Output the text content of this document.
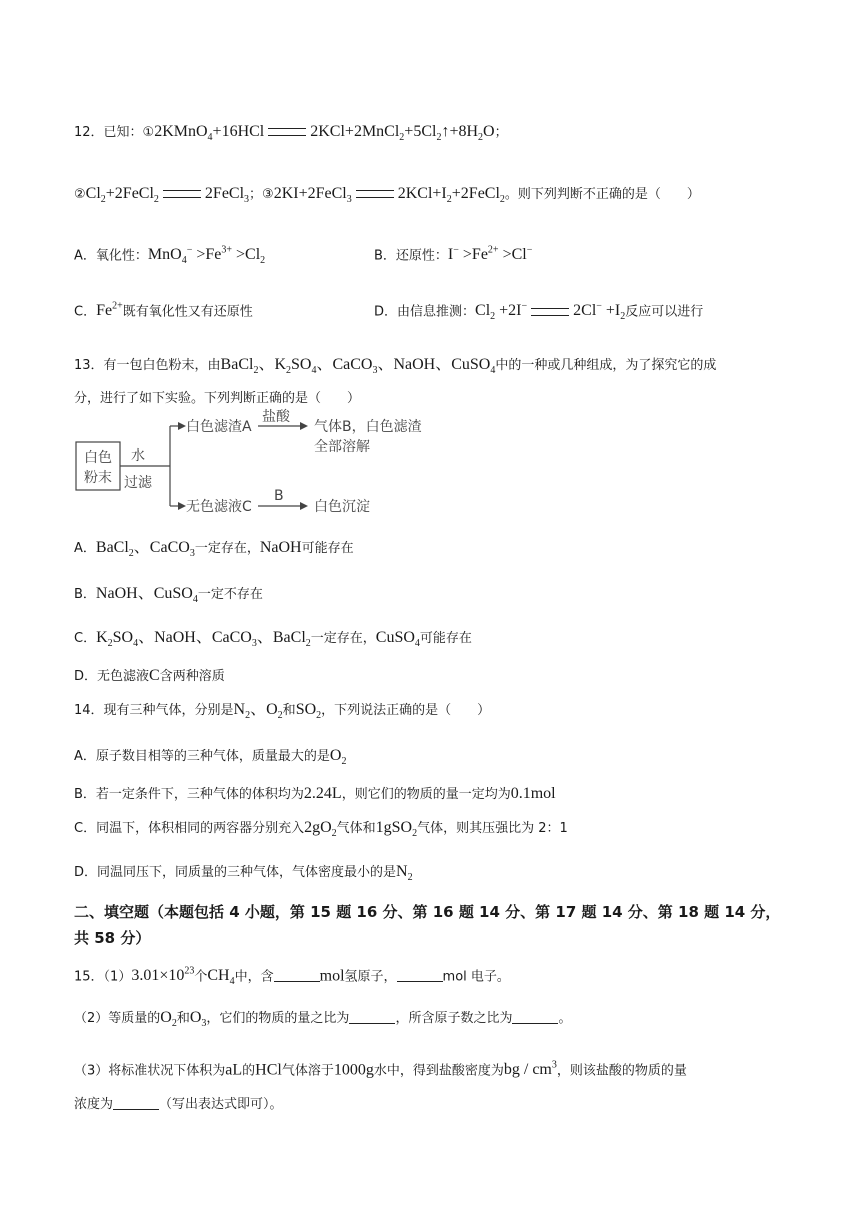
12．已知：①2KMnO$_4$+16HCl	$2KCl+2MnCl_2+5Cl_2↑+8H_2O$；
$②Cl_2+2FeCl_2$	2FeCl$_3$；③2KI+2FeCl$_3$	$2KCl+I_2+2FeCl_2$。则下列判断不正确的是（　　）
A．氧化性：$MnO_4^- >Fe^{3+} >Cl_2$	B．还原性：$I^- >Fe^{2+} >Cl^-$
C．$Fe^{2+}$既有氧化性又有还原性	D．由信息推测：$Cl_2 +2I^-$	$2Cl^- +I_2$反应可以进行
13．有一包白色粉末，由BaCl$_2$、$K_2SO_4$、CaCO$_3$、NaOH、CuSO$_4$中的一种或几种组成，为了探究它的成
分，进行了如下实验。下列判断正确的是（　　）
白色
粉末
水
过滤
白色滤渣A
盐酸
气体B，白色滤渣
全部溶解
无色滤液C
B
白色沉淀
A．BaCl$_2$、CaCO$_3$一定存在，NaOH可能存在
B．NaOH、CuSO$_4$一定不存在
C．$K_2SO_4$、NaOH、CaCO$_3$、BaCl$_2$一定存在，CuSO$_4$可能存在
D．无色滤液C含两种溶质
14．现有三种气体，分别是$N_2$、$O_2$和$SO_2$，下列说法正确的是（　　）
A．原子数目相等的三种气体，质量最大的是$O_2$
B．若一定条件下，三种气体的体积均为2.24L，则它们的物质的量一定均为0.1mol
C．同温下，体积相同的两容器分别充入$2gO_2$气体和1gSO$_2$气体，则其压强比为 2：1
D．同温同压下，同质量的三种气体，气体密度最小的是$N_2$
二、填空题（本题包括 4 小题，第 15 题 16 分、第 16 题 14 分、第 17 题 14 分、第 18 题 14 分，
共 58 分）
15．$(1)3.01\times 10^{23}$个$CH_4$中，含	mol氢原子，	mol 电子。
（2）等质量的$O_2$和$O_3$，它们的物质的量之比为	，所含原子数之比为	。
（3）将标准状况下体积为aL的HCl气体溶于1000g水中，得到盐酸密度为bg / $cm^3$，则该盐酸的物质的量
浓度为	（写出表达式即可）。
